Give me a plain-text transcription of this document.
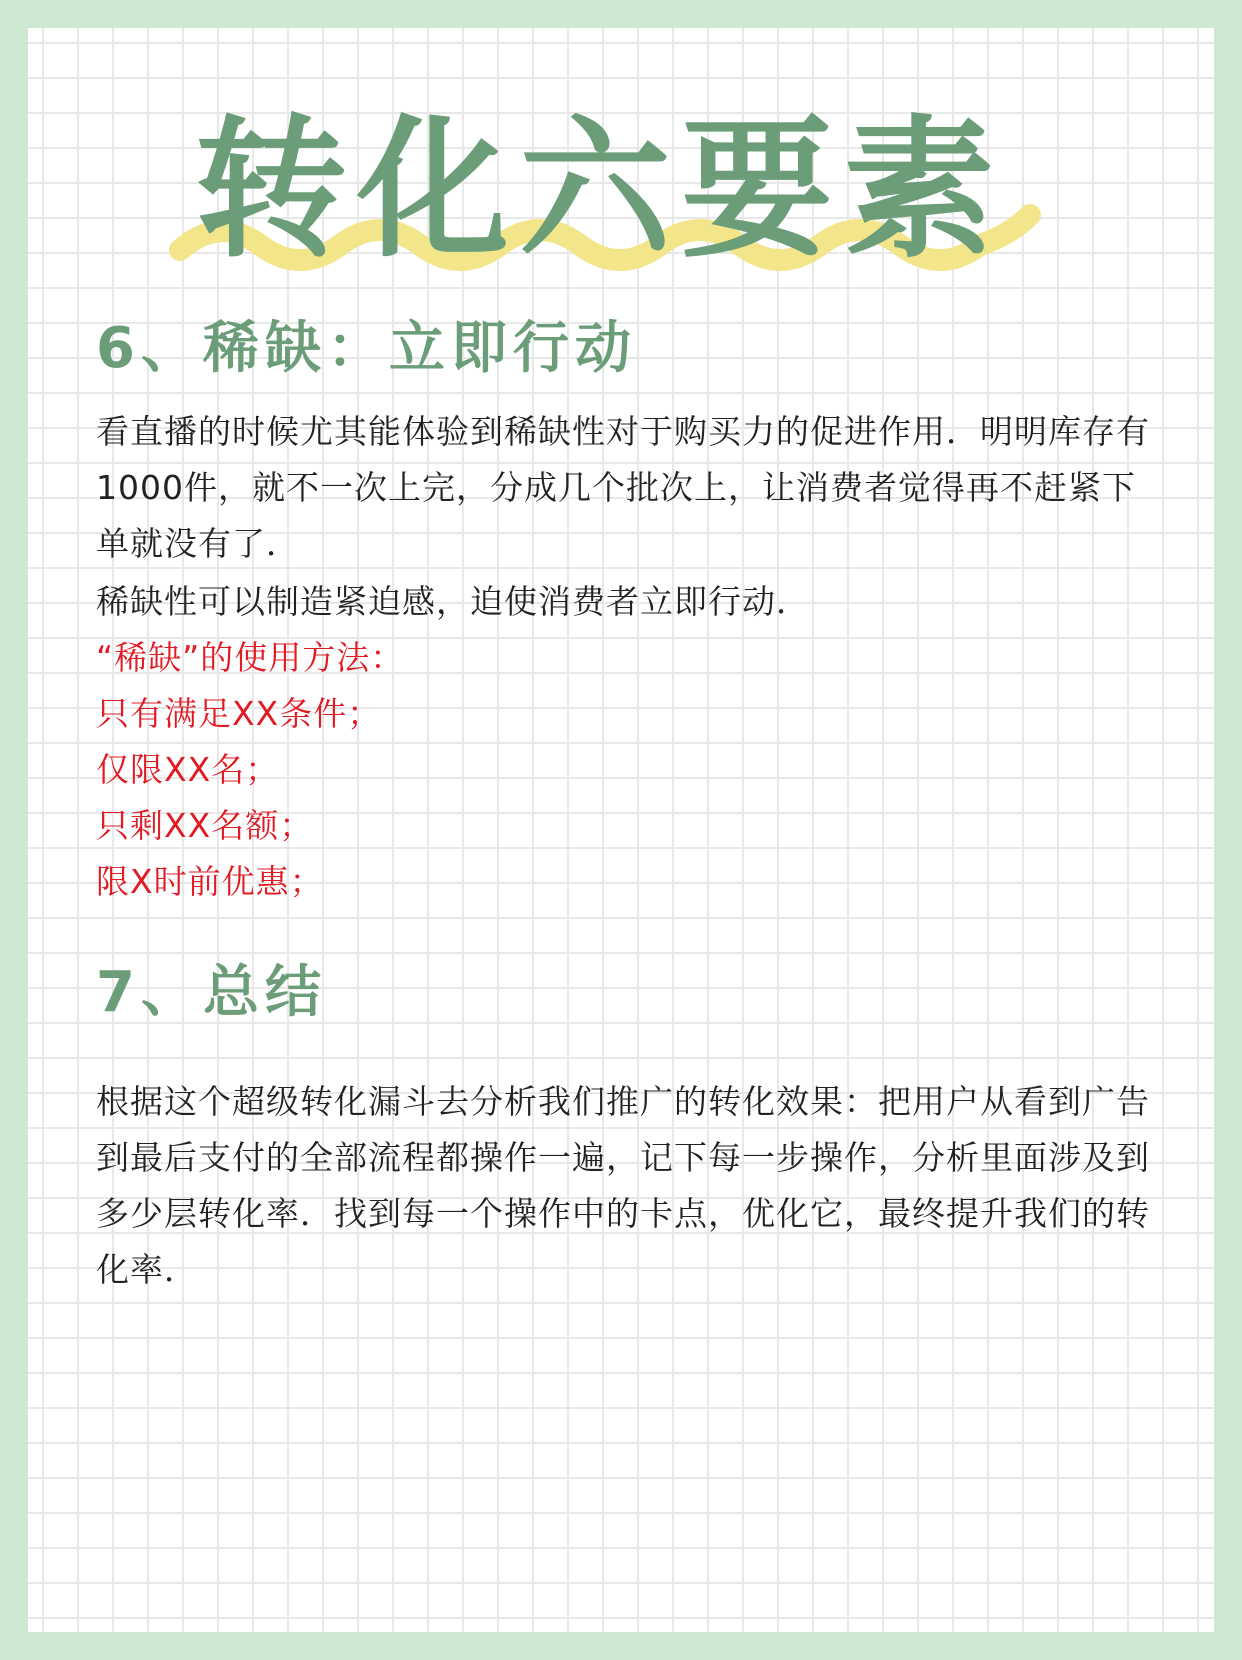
转化六要素
6、稀缺：立即行动

看直播的时候尤其能体验到稀缺性对于购买力的促进作用．明明库存有1000件，就不一次上完，分成几个批次上，让消费者觉得再不赶紧下单就没有了．

稀缺性可以制造紧迫感，迫使消费者立即行动．

“稀缺”的使用方法：

只有满足XX条件；

仅限XX名；

只剩XX名额；

限X时前优惠；

7、总结

根据这个超级转化漏斗去分析我们推广的转化效果：把用户从看到广告到最后支付的全部流程都操作一遍，记下每一步操作，分析里面涉及到多少层转化率．找到每一个操作中的卡点，优化它，最终提升我们的转化率．
